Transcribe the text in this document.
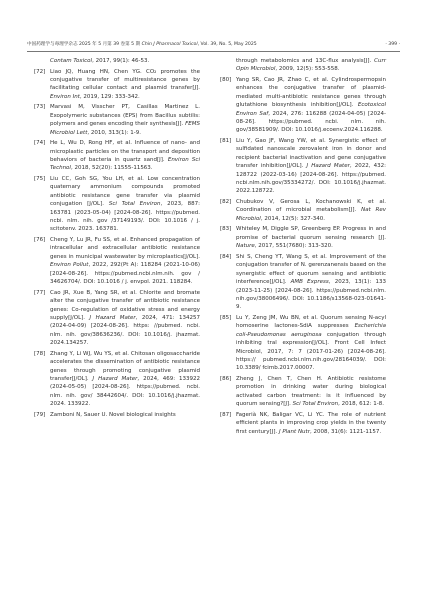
中国药理学与毒理学杂志 2025 年 5 月第 39 卷第 5 期 Chin J Pharmacol Toxicol, Vol. 39, No. 5, May 2025	· 399 ·
Contam Toxicol, 2017, 99(1): 46-53.
[ 72 ]	Liao JQ, Huang HN, Chen YG. CO₂ promotes the conjugative transfer of multiresistance genes by facilitating cellular contact and plasmid transfer[J]. Environ Int, 2019, 129: 333-342.
[ 73 ]	Marvasi M, Visscher PT, Casillas Martinez L. Exopolymeric substances (EPS) from Bacillus subtilis: polymers and genes encoding their synthesis[J]. FEMS Microbiol Lett, 2010, 313(1): 1-9.
[ 74 ]	He L, Wu D, Rong HF, et al. Influence of nano- and microplastic particles on the transport and deposition behaviors of bacteria in quartz sand[J]. Environ Sci Technol, 2018, 52(20): 11555-11563.
[ 75 ]	Liu CC, Goh SG, You LH, et al. Low concentration quaternary ammonium compounds promoted antibiotic resistance gene transfer via plasmid conjugation [J/OL]. Sci Total Environ, 2023, 887: 163781 (2023-05-04) [2024-08-26]. https://pubmed. ncbi. nlm. nih. gov /37149193/. DOI: 10.1016 / j. scitotenv. 2023. 163781.
[ 76 ]	Cheng Y, Lu JR, Fu SS, et al. Enhanced propagation of intracellular and extracellular antibiotic resistance genes in municipal wastewater by microplastics[J/OL]. Environ Pollut, 2022, 292(Pt A): 118284 (2021-10-06) [2024-08-26]. https://pubmed.ncbi.nlm.nih. gov / 34626704/. DOI: 10.1016 / j. envpol. 2021. 118284.
[ 77 ]	Cao JR, Xue B, Yang SR, et al. Chlorite and bromate alter the conjugative transfer of antibiotic resistance genes: Co-regulation of oxidative stress and energy supply[J/OL]. J Hazard Mater, 2024, 471: 134257 (2024-04-09) [2024-08-26]. https: //pubmed. ncbi. nlm. nih. gov/38636236/. DOI: 10.1016/j. jhazmat. 2024.134257.
[ 78 ]	Zhang Y, Li WJ, Wu YS, et al. Chitosan oligosaccharide accelerates the dissemination of antibiotic resistance genes through promoting conjugative plasmid transfer[J/OL]. J Hazard Mater, 2024, 469: 133922 (2024-05-05) [2024-08-26]. https://pubmed. ncbi. nlm. nih. gov/ 38442604/. DOI: 10.1016/j.jhazmat. 2024. 133922.
[ 79 ]	Zamboni N, Sauer U. Novel biological insights
through metabolomics and 13C-flux analysis[J]. Curr Opin Microbiol, 2009, 12(5): 553-558.
[ 80 ]	Yang SR, Cao JR, Zhao C, et al. Cylindrospermopsin enhances the conjugative transfer of plasmid-mediated multi-antibiotic resistance genes through glutathione biosynthesis inhibition[J/OL]. Ecotoxicol Environ Saf, 2024, 276: 116288 (2024-04-05) [2024-08-26]. https://pubmed. ncbi. nlm. nih. gov/38581909/. DOI: 10.1016/j.ecoenv.2024.116288.
[ 81 ]	Liu Y, Gao JF, Wang YW, et al. Synergistic effect of sulfidated nanoscale zerovalent iron in donor and recipient bacterial inactivation and gene conjugative transfer inhibition[J/OL]. J Hazard Mater, 2022, 432: 128722 (2022-03-16) [2024-08-26]. https://pubmed. ncbi.nlm.nih.gov/35334272/. DOI: 10.1016/j.jhazmat. 2022.128722.
[ 82 ]	Chubukov V, Gerosa L, Kochanowski K, et al. Coordination of microbial metabolism[J]. Nat Rev Microbiol, 2014, 12(5): 327-340.
[ 83 ]	Whiteley M, Diggle SP, Greenberg EP. Progress in and promise of bacterial quorum sensing research [J]. Nature, 2017, 551(7680): 313-320.
[ 84 ]	Shi S, Cheng YT, Wang S, et al. Improvement of the conjugation transfer of N. gerenzanensis based on the synergistic effect of quorum sensing and antibiotic interference[J/OL]. AMB Express, 2023, 13(1): 133 (2023-11-25) [2024-08-26]. https://pubmed.ncbi.nlm. nih.gov/38006496/. DOI: 10.1186/s13568-023-01641-9.
[ 85 ]	Lu Y, Zeng JM, Wu BN, et al. Quorum sensing N-acyl homoserine lactones-SdiA suppresses Escherichia coli-Pseudomonas aeruginosa conjugation through inhibiting tral expression[J/OL]. Front Cell Infect Microbiol, 2017, 7: 7 (2017-01-26) [2024-08-26]. https:// pubmed.ncbi.nlm.nih.gov/28164039/. DOI: 10.3389/ fcimb.2017.00007.
[ 86 ]	Zheng J, Chen T, Chen H. Antibiotic resistome promotion in drinking water during biological activated carbon treatment: is it influenced by quorum sensing?[J]. Sci Total Environ, 2018, 612: 1-8.
[ 87 ]	Fagerià NK, Baligar VC, Li YC. The role of nutrient efficient plants in improving crop yields in the twenty first century[J]. J Plant Nutr, 2008, 31(6): 1121-1157.
